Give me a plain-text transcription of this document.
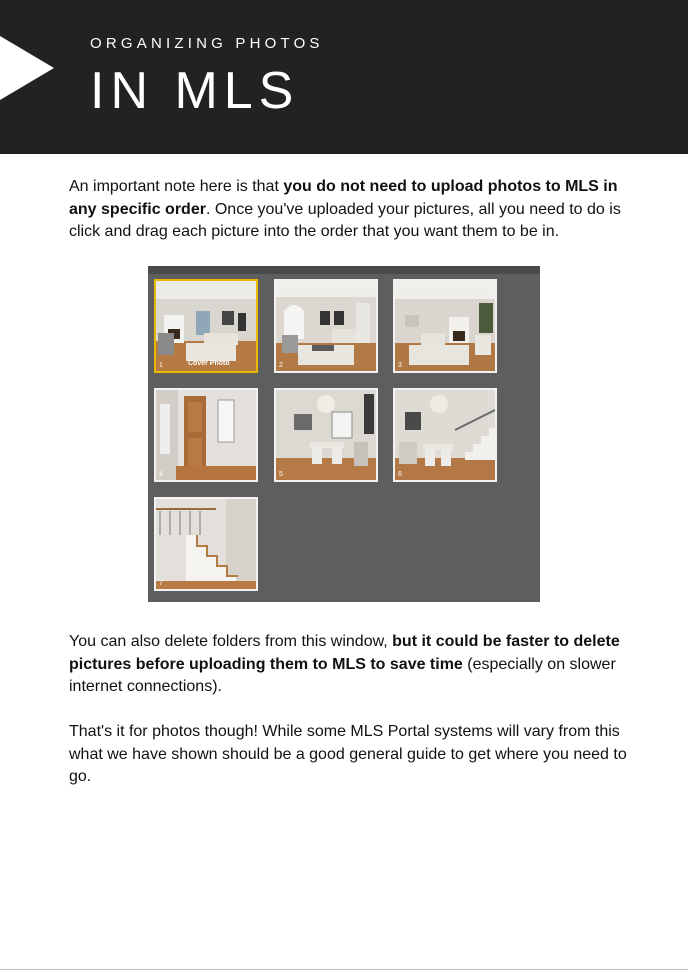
ORGANIZING PHOTOS
IN MLS

An important note here is that you do not need to upload photos to MLS in any specific order. Once you've uploaded your pictures, all you need to do is click and drag each picture into the order that you want them to be in.

Cover Photo
1	2	3
4	5	6
7

You can also delete folders from this window, but it could be faster to delete pictures before uploading them to MLS to save time (especially on slower internet connections).

That's it for photos though! While some MLS Portal systems will vary from this what we have shown should be a good general guide to get where you need to go.
